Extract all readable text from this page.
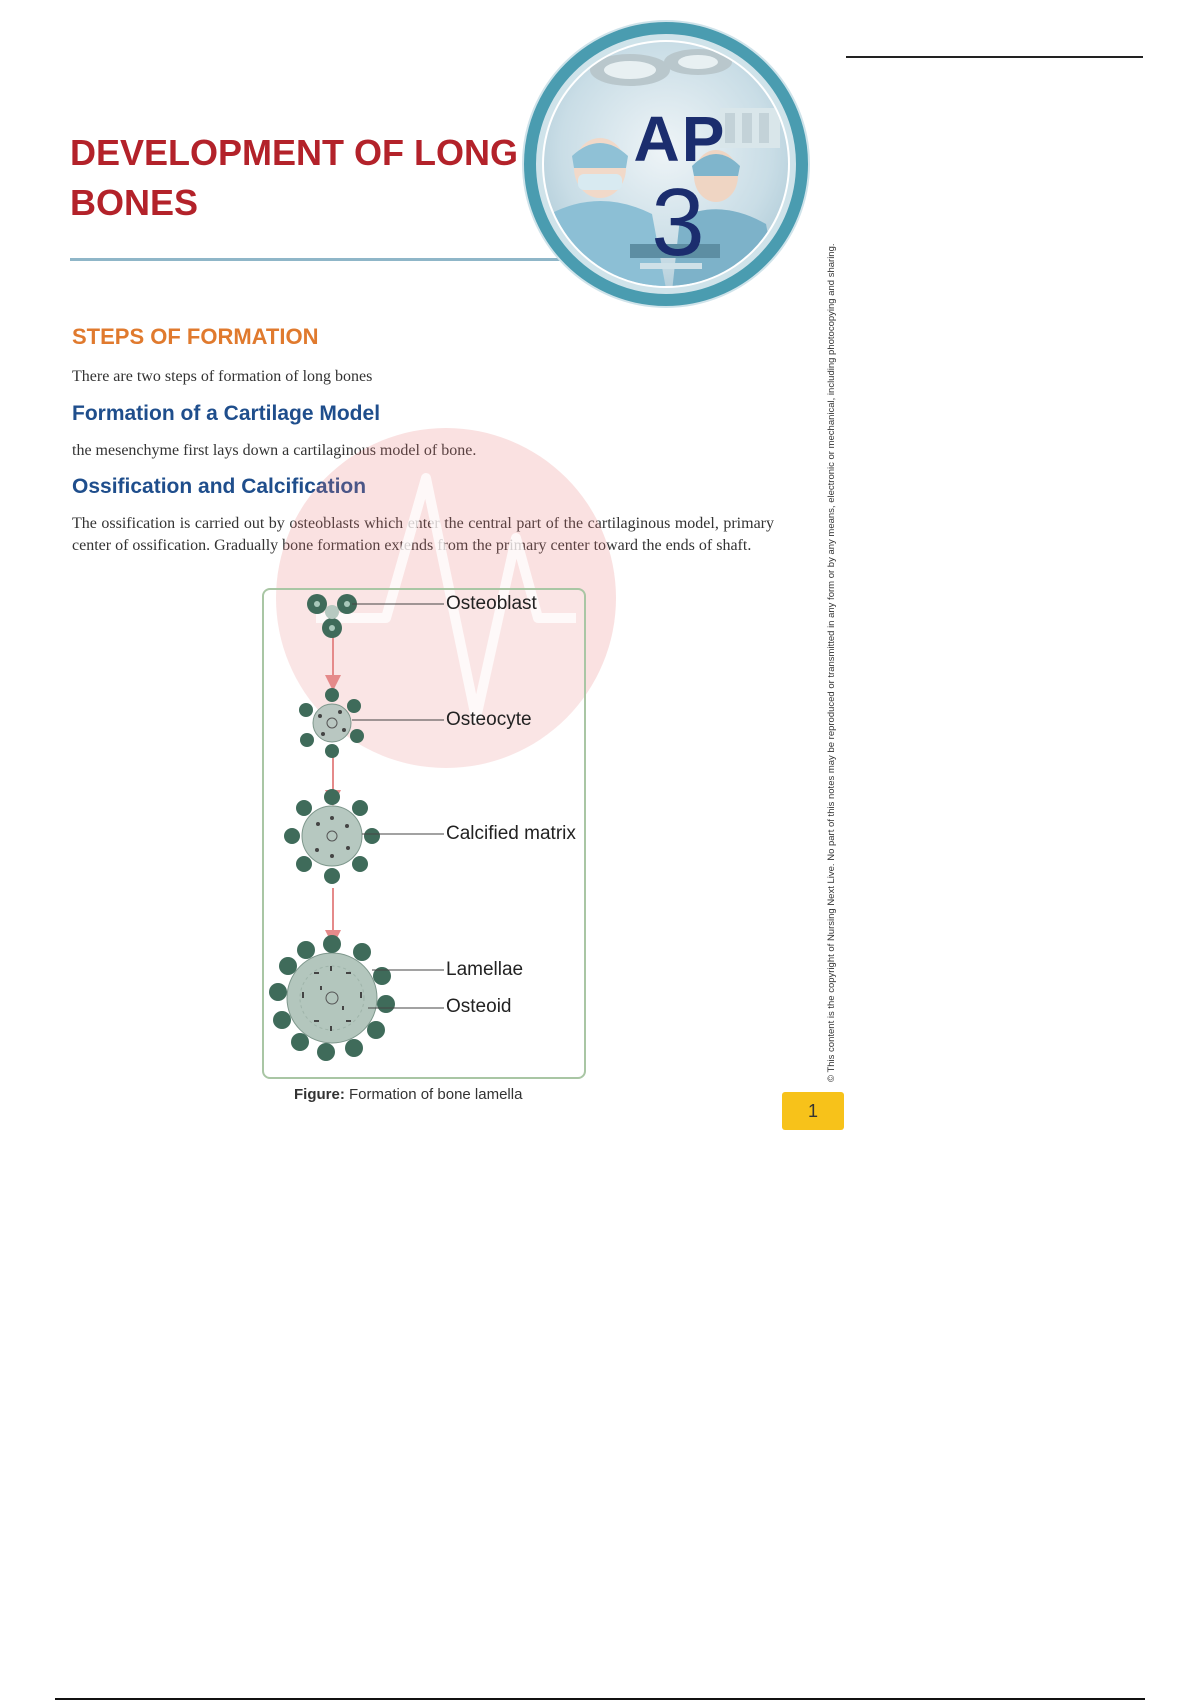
DEVELOPMENT OF LONG BONES
AP
3
© This content is the copyright of Nursing Next Live. No part of this notes may be reproduced or transmitted in any form or by any means, electronic or mechanical, including photocopying and sharing.
STEPS OF FORMATION

There are two steps of formation of long bones

Formation of a Cartilage Model

the mesenchyme first lays down a cartilaginous model of bone.

Ossification and Calcification

The ossification is carried out by osteoblasts which enter the central part of the cartilaginous model, primary center of ossification. Gradually bone formation extends from the primary center toward the ends of shaft.

Osteoblast
Osteocyte
Calcified matrix
Lamellae
Osteoid
Figure: Formation of bone lamella
1
